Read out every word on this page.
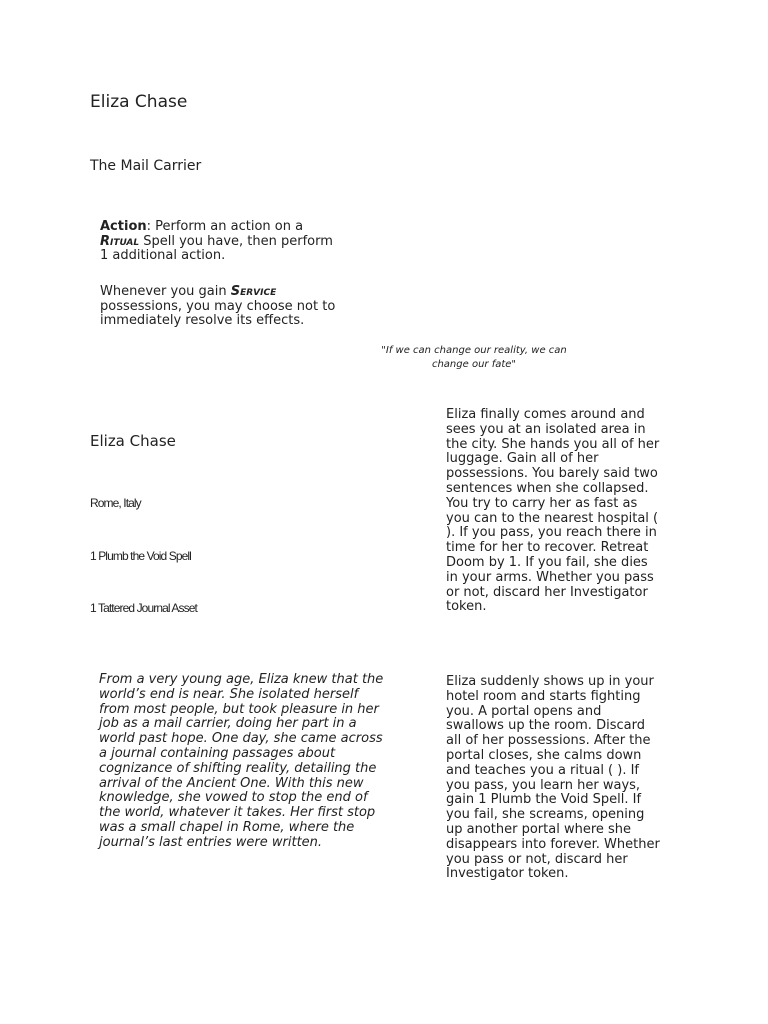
Eliza Chase
The Mail Carrier
Action: Perform an action on a Ritual Spell you have, then perform 1 additional action.
Whenever you gain Service possessions, you may choose not to immediately resolve its effects.
"If we can change our reality, we can change our fate"
Eliza Chase
Rome, Italy
1 Plumb the Void Spell
1 Tattered Journal Asset
From a very young age, Eliza knew that the world’s end is near. She isolated herself from most people, but took pleasure in her job as a mail carrier, doing her part in a world past hope. One day, she came across a journal containing passages about cognizance of shifting reality, detailing the arrival of the Ancient One. With this new knowledge, she vowed to stop the end of the world, whatever it takes. Her first stop was a small chapel in Rome, where the journal’s last entries were written.
Eliza finally comes around and sees you at an isolated area in the city. She hands you all of her luggage. Gain all of her possessions. You barely said two sentences when she collapsed. You try to carry her as fast as you can to the nearest hospital ( ). If you pass, you reach there in time for her to recover. Retreat Doom by 1. If you fail, she dies in your arms. Whether you pass or not, discard her Investigator token.
Eliza suddenly shows up in your hotel room and starts fighting you. A portal opens and swallows up the room. Discard all of her possessions. After the portal closes, she calms down and teaches you a ritual ( ). If you pass, you learn her ways, gain 1 Plumb the Void Spell. If you fail, she screams, opening up another portal where she disappears into forever. Whether you pass or not, discard her Investigator token.
